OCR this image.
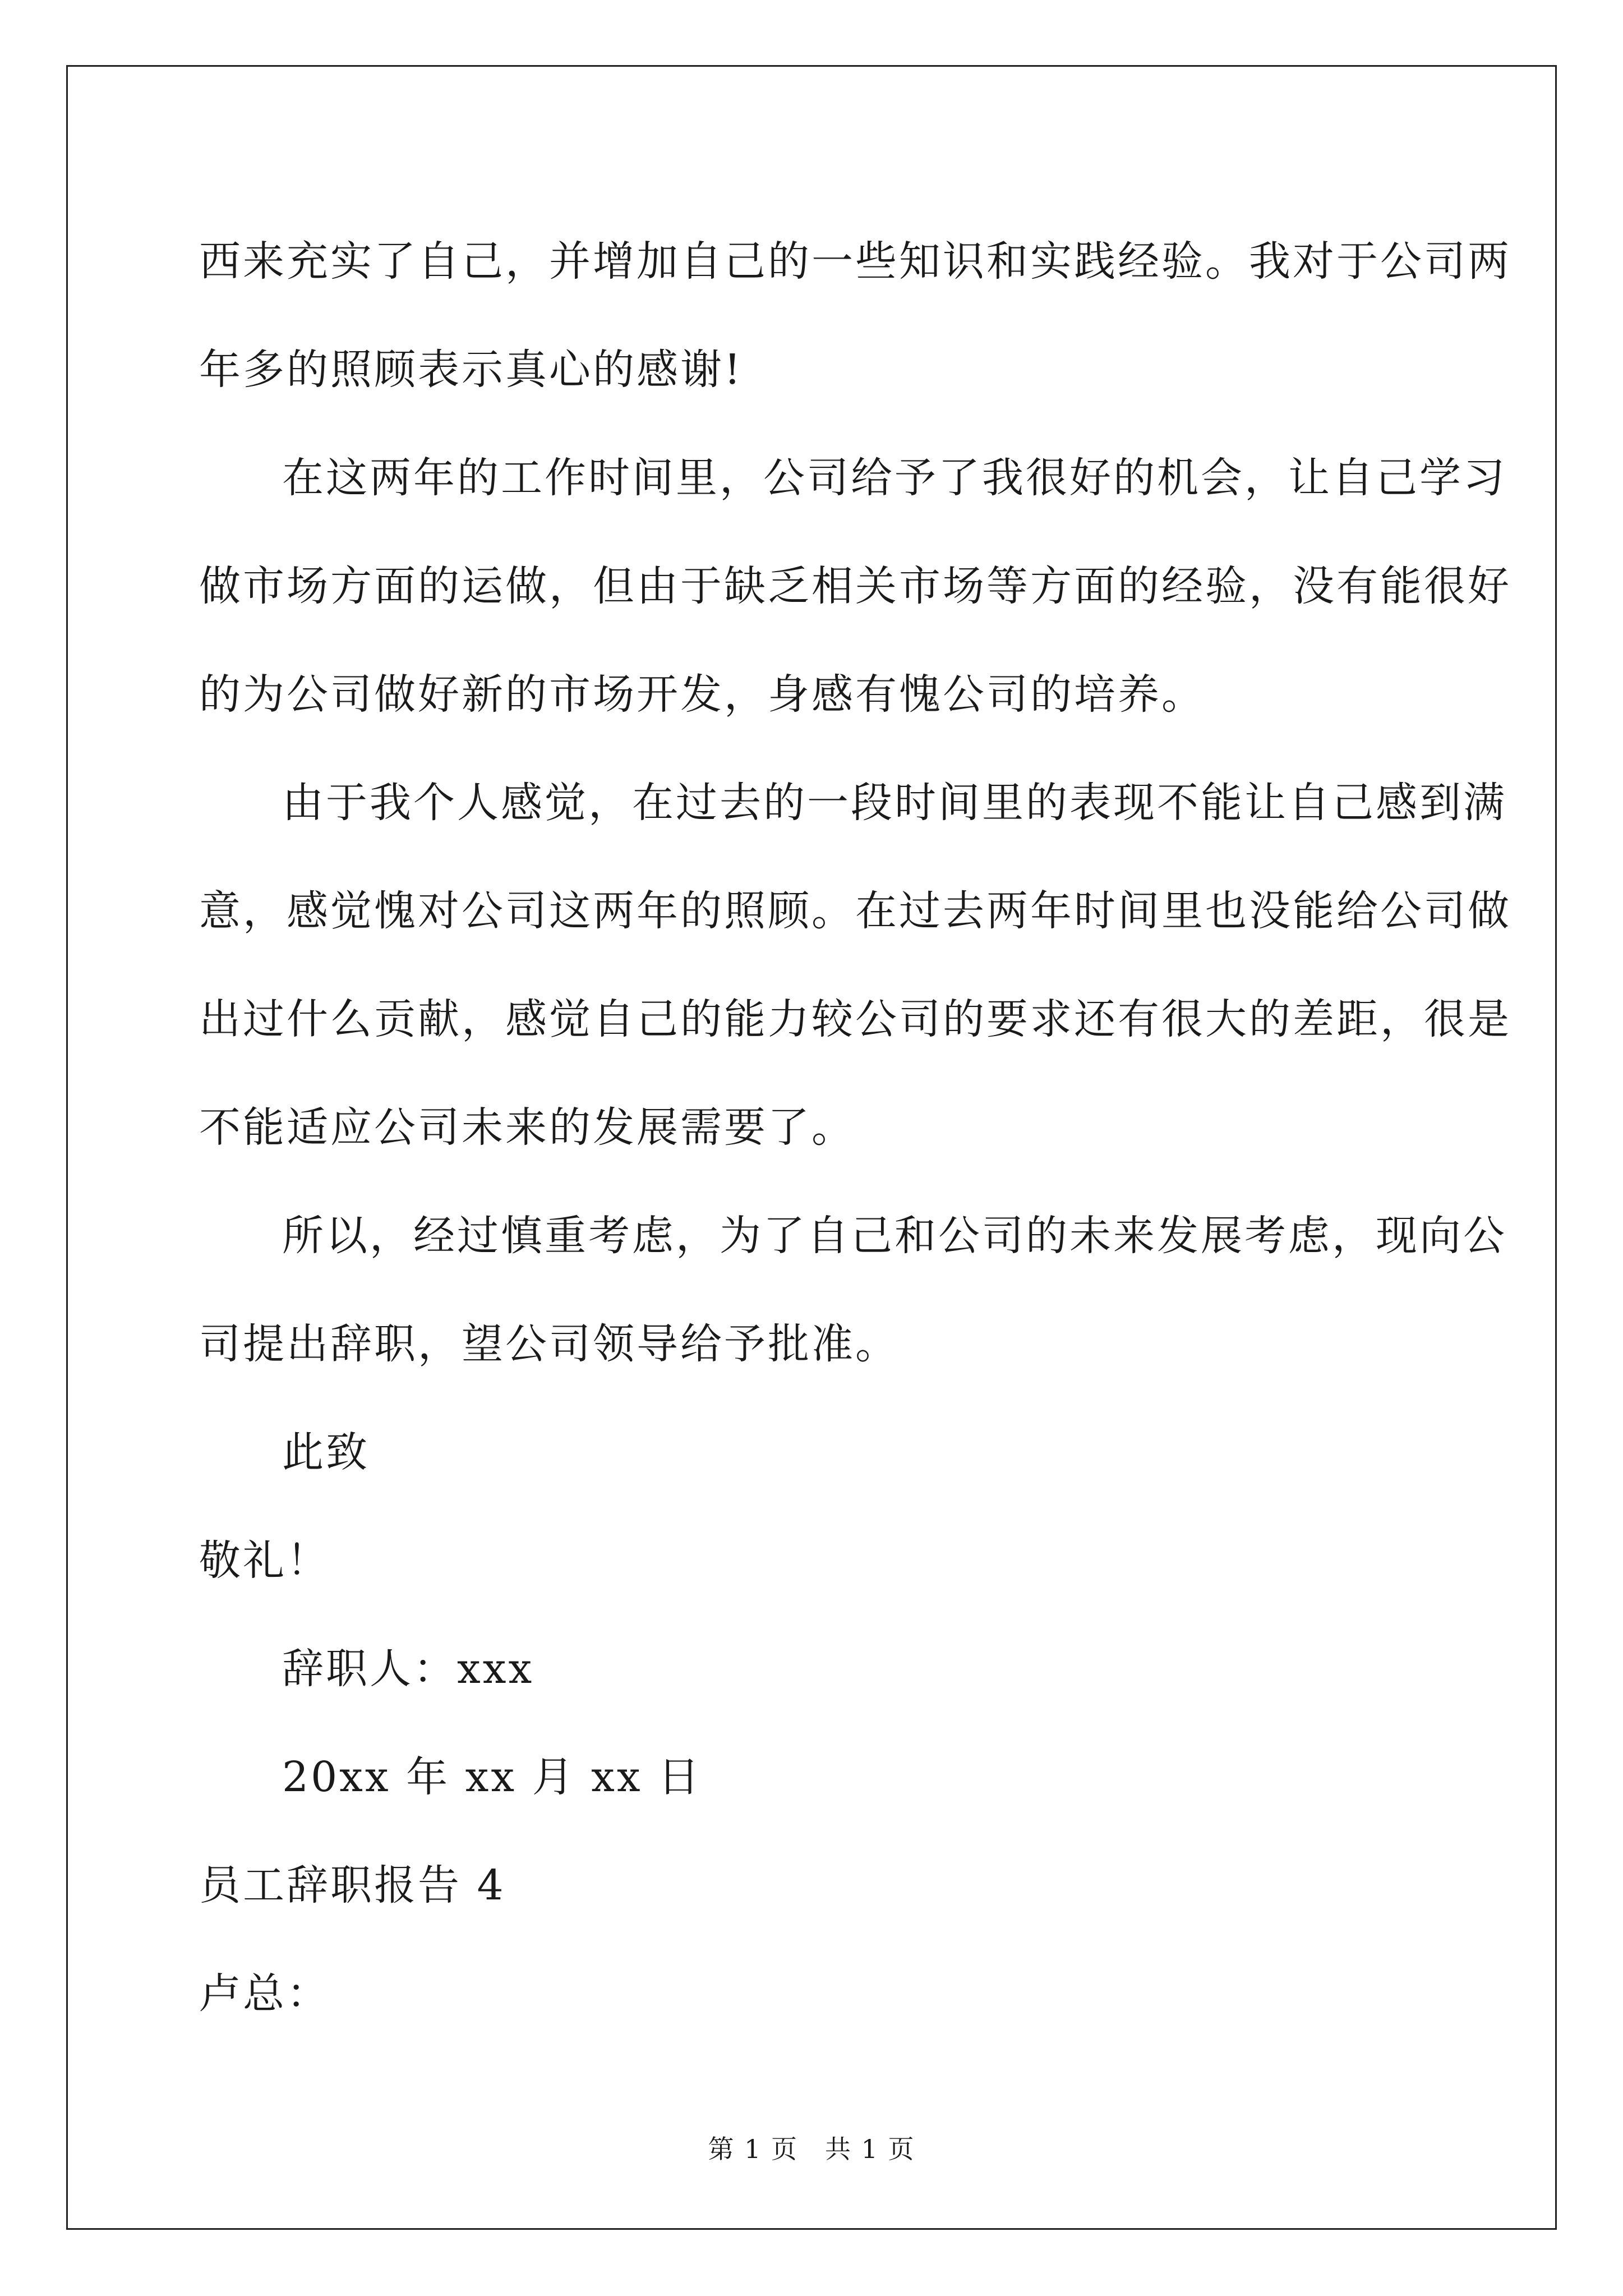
西来充实了自己，并增加自己的一些知识和实践经验。我对于公司两
年多的照顾表示真心的感谢!

在这两年的工作时间里，公司给予了我很好的机会，让自己学习
做市场方面的运做，但由于缺乏相关市场等方面的经验，没有能很好
的为公司做好新的市场开发，身感有愧公司的培养。

由于我个人感觉，在过去的一段时间里的表现不能让自己感到满
意，感觉愧对公司这两年的照顾。在过去两年时间里也没能给公司做
出过什么贡献，感觉自己的能力较公司的要求还有很大的差距，很是
不能适应公司未来的发展需要了。

所以，经过慎重考虑，为了自己和公司的未来发展考虑，现向公
司提出辞职，望公司领导给予批准。

此致

敬礼！

辞职人：xxx

20xx 年 xx 月 xx 日

员工辞职报告 4

卢总：

第 1 页 共 1 页
